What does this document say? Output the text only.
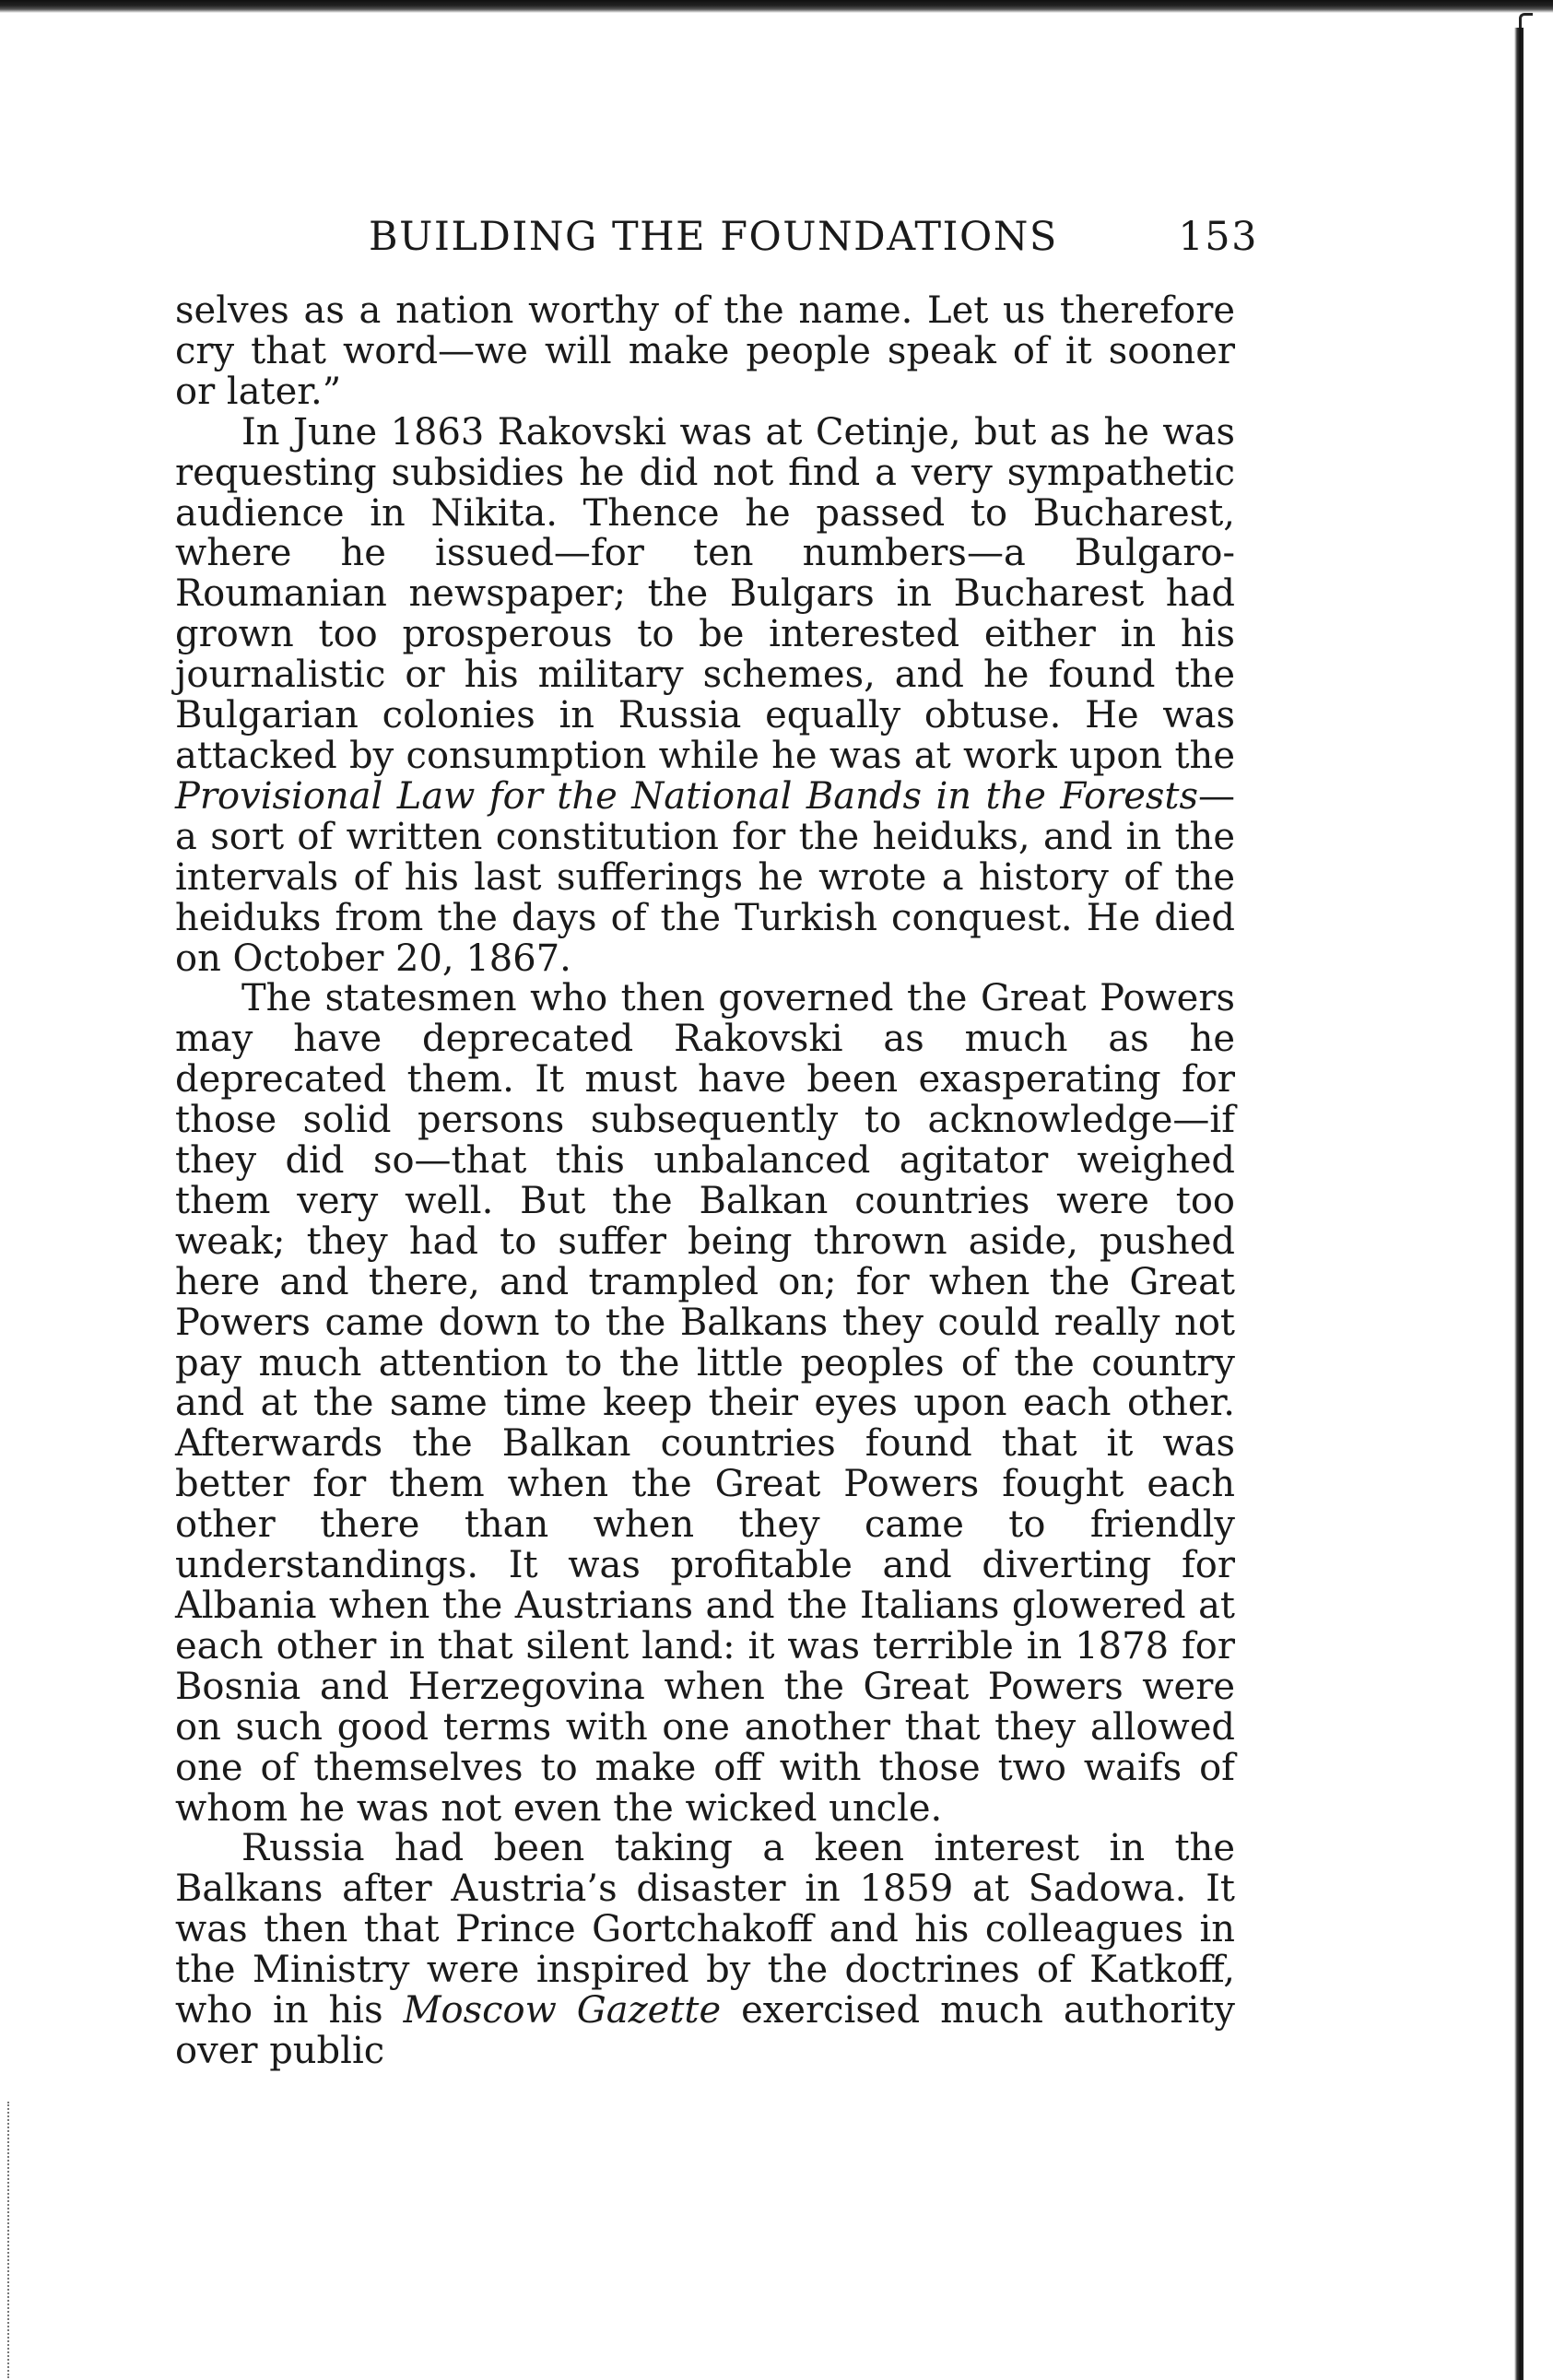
BUILDING THE FOUNDATIONS	153

selves as a nation worthy of the name. Let us therefore cry that word—we will make people speak of it sooner or later.”

In June 1863 Rakovski was at Cetinje, but as he was requesting subsidies he did not find a very sympathetic audience in Nikita. Thence he passed to Bucharest, where he issued—for ten numbers—a Bulgaro-Roumanian newspaper; the Bulgars in Bucharest had grown too prosperous to be interested either in his journalistic or his military schemes, and he found the Bulgarian colonies in Russia equally obtuse. He was attacked by consumption while he was at work upon the Provisional Law for the National Bands in the Forests—a sort of written constitution for the heiduks, and in the intervals of his last sufferings he wrote a history of the heiduks from the days of the Turkish conquest. He died on October 20, 1867.

The statesmen who then governed the Great Powers may have deprecated Rakovski as much as he deprecated them. It must have been exasperating for those solid persons subsequently to acknowledge—if they did so—that this unbalanced agitator weighed them very well. But the Balkan countries were too weak; they had to suffer being thrown aside, pushed here and there, and trampled on; for when the Great Powers came down to the Balkans they could really not pay much attention to the little peoples of the country and at the same time keep their eyes upon each other. Afterwards the Balkan countries found that it was better for them when the Great Powers fought each other there than when they came to friendly understandings. It was profitable and diverting for Albania when the Austrians and the Italians glowered at each other in that silent land: it was terrible in 1878 for Bosnia and Herzegovina when the Great Powers were on such good terms with one another that they allowed one of themselves to make off with those two waifs of whom he was not even the wicked uncle.

Russia had been taking a keen interest in the Balkans after Austria’s disaster in 1859 at Sadowa. It was then that Prince Gortchakoff and his colleagues in the Ministry were inspired by the doctrines of Katkoff, who in his Moscow Gazette exercised much authority over public
